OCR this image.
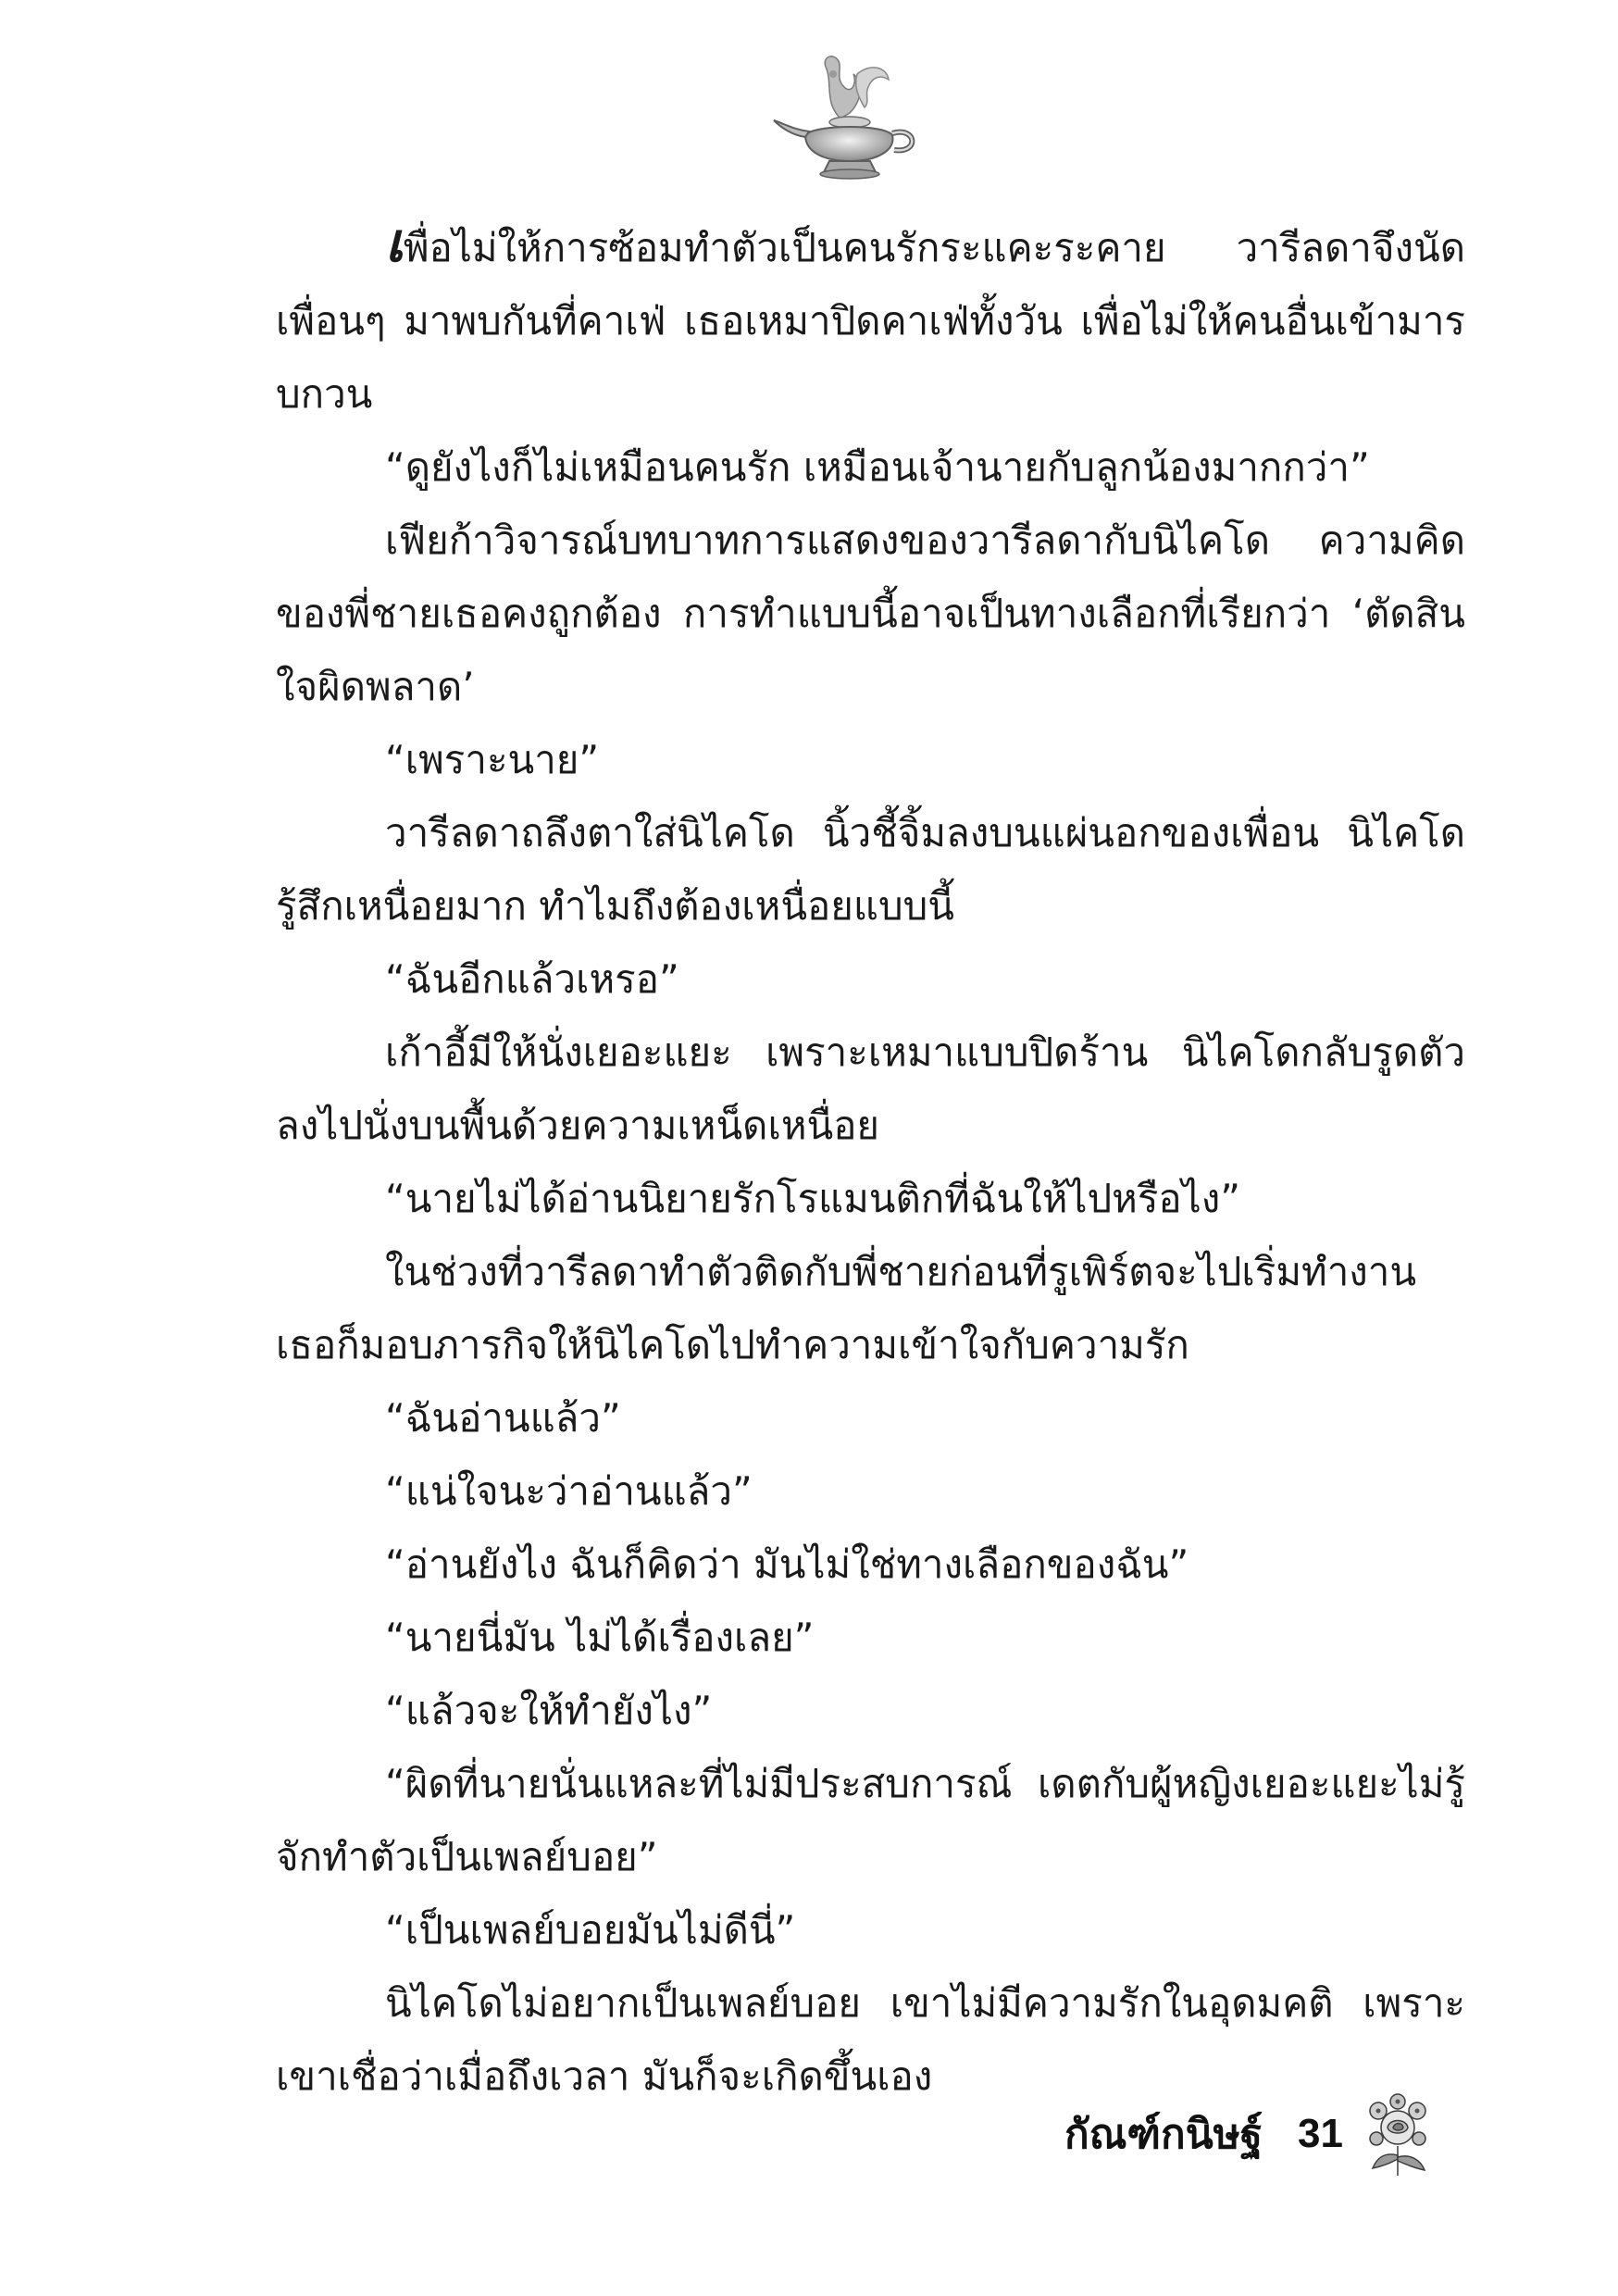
เพื่อไม่ให้การซ้อมทำตัวเป็นคนรักระแคะระคาย วารีลดาจึงนัดเพื่อนๆ มาพบกันที่คาเฟ่ เธอเหมาปิดคาเฟ่ทั้งวัน เพื่อไม่ให้คนอื่นเข้ามารบกวน

“ดูยังไงก็ไม่เหมือนคนรัก เหมือนเจ้านายกับลูกน้องมากกว่า”

เฟียก้าวิจารณ์บทบาทการแสดงของวารีลดากับนิไคโด ความคิดของพี่ชายเธอคงถูกต้อง การทำแบบนี้อาจเป็นทางเลือกที่เรียกว่า ‘ตัดสินใจผิดพลาด’

“เพราะนาย”

วารีลดาถลึงตาใส่นิไคโด นิ้วชี้จิ้มลงบนแผ่นอกของเพื่อน นิไคโดรู้สึกเหนื่อยมาก ทำไมถึงต้องเหนื่อยแบบนี้

“ฉันอีกแล้วเหรอ”

เก้าอี้มีให้นั่งเยอะแยะ เพราะเหมาแบบปิดร้าน นิไคโดกลับรูดตัวลงไปนั่งบนพื้นด้วยความเหน็ดเหนื่อย

“นายไม่ได้อ่านนิยายรักโรแมนติกที่ฉันให้ไปหรือไง”

ในช่วงที่วารีลดาทำตัวติดกับพี่ชายก่อนที่รูเพิร์ตจะไปเริ่มทำงานเธอก็มอบภารกิจให้นิไคโดไปทำความเข้าใจกับความรัก

“ฉันอ่านแล้ว”

“แน่ใจนะว่าอ่านแล้ว”

“อ่านยังไง ฉันก็คิดว่า มันไม่ใช่ทางเลือกของฉัน”

“นายนี่มัน ไม่ได้เรื่องเลย”

“แล้วจะให้ทำยังไง”

“ผิดที่นายนั่นแหละที่ไม่มีประสบการณ์ เดตกับผู้หญิงเยอะแยะไม่รู้จักทำตัวเป็นเพลย์บอย”

“เป็นเพลย์บอยมันไม่ดีนี่”

นิไคโดไม่อยากเป็นเพลย์บอย เขาไม่มีความรักในอุดมคติ เพราะเขาเชื่อว่าเมื่อถึงเวลา มันก็จะเกิดขึ้นเอง

กัณฑ์กนิษฐ์ 31
